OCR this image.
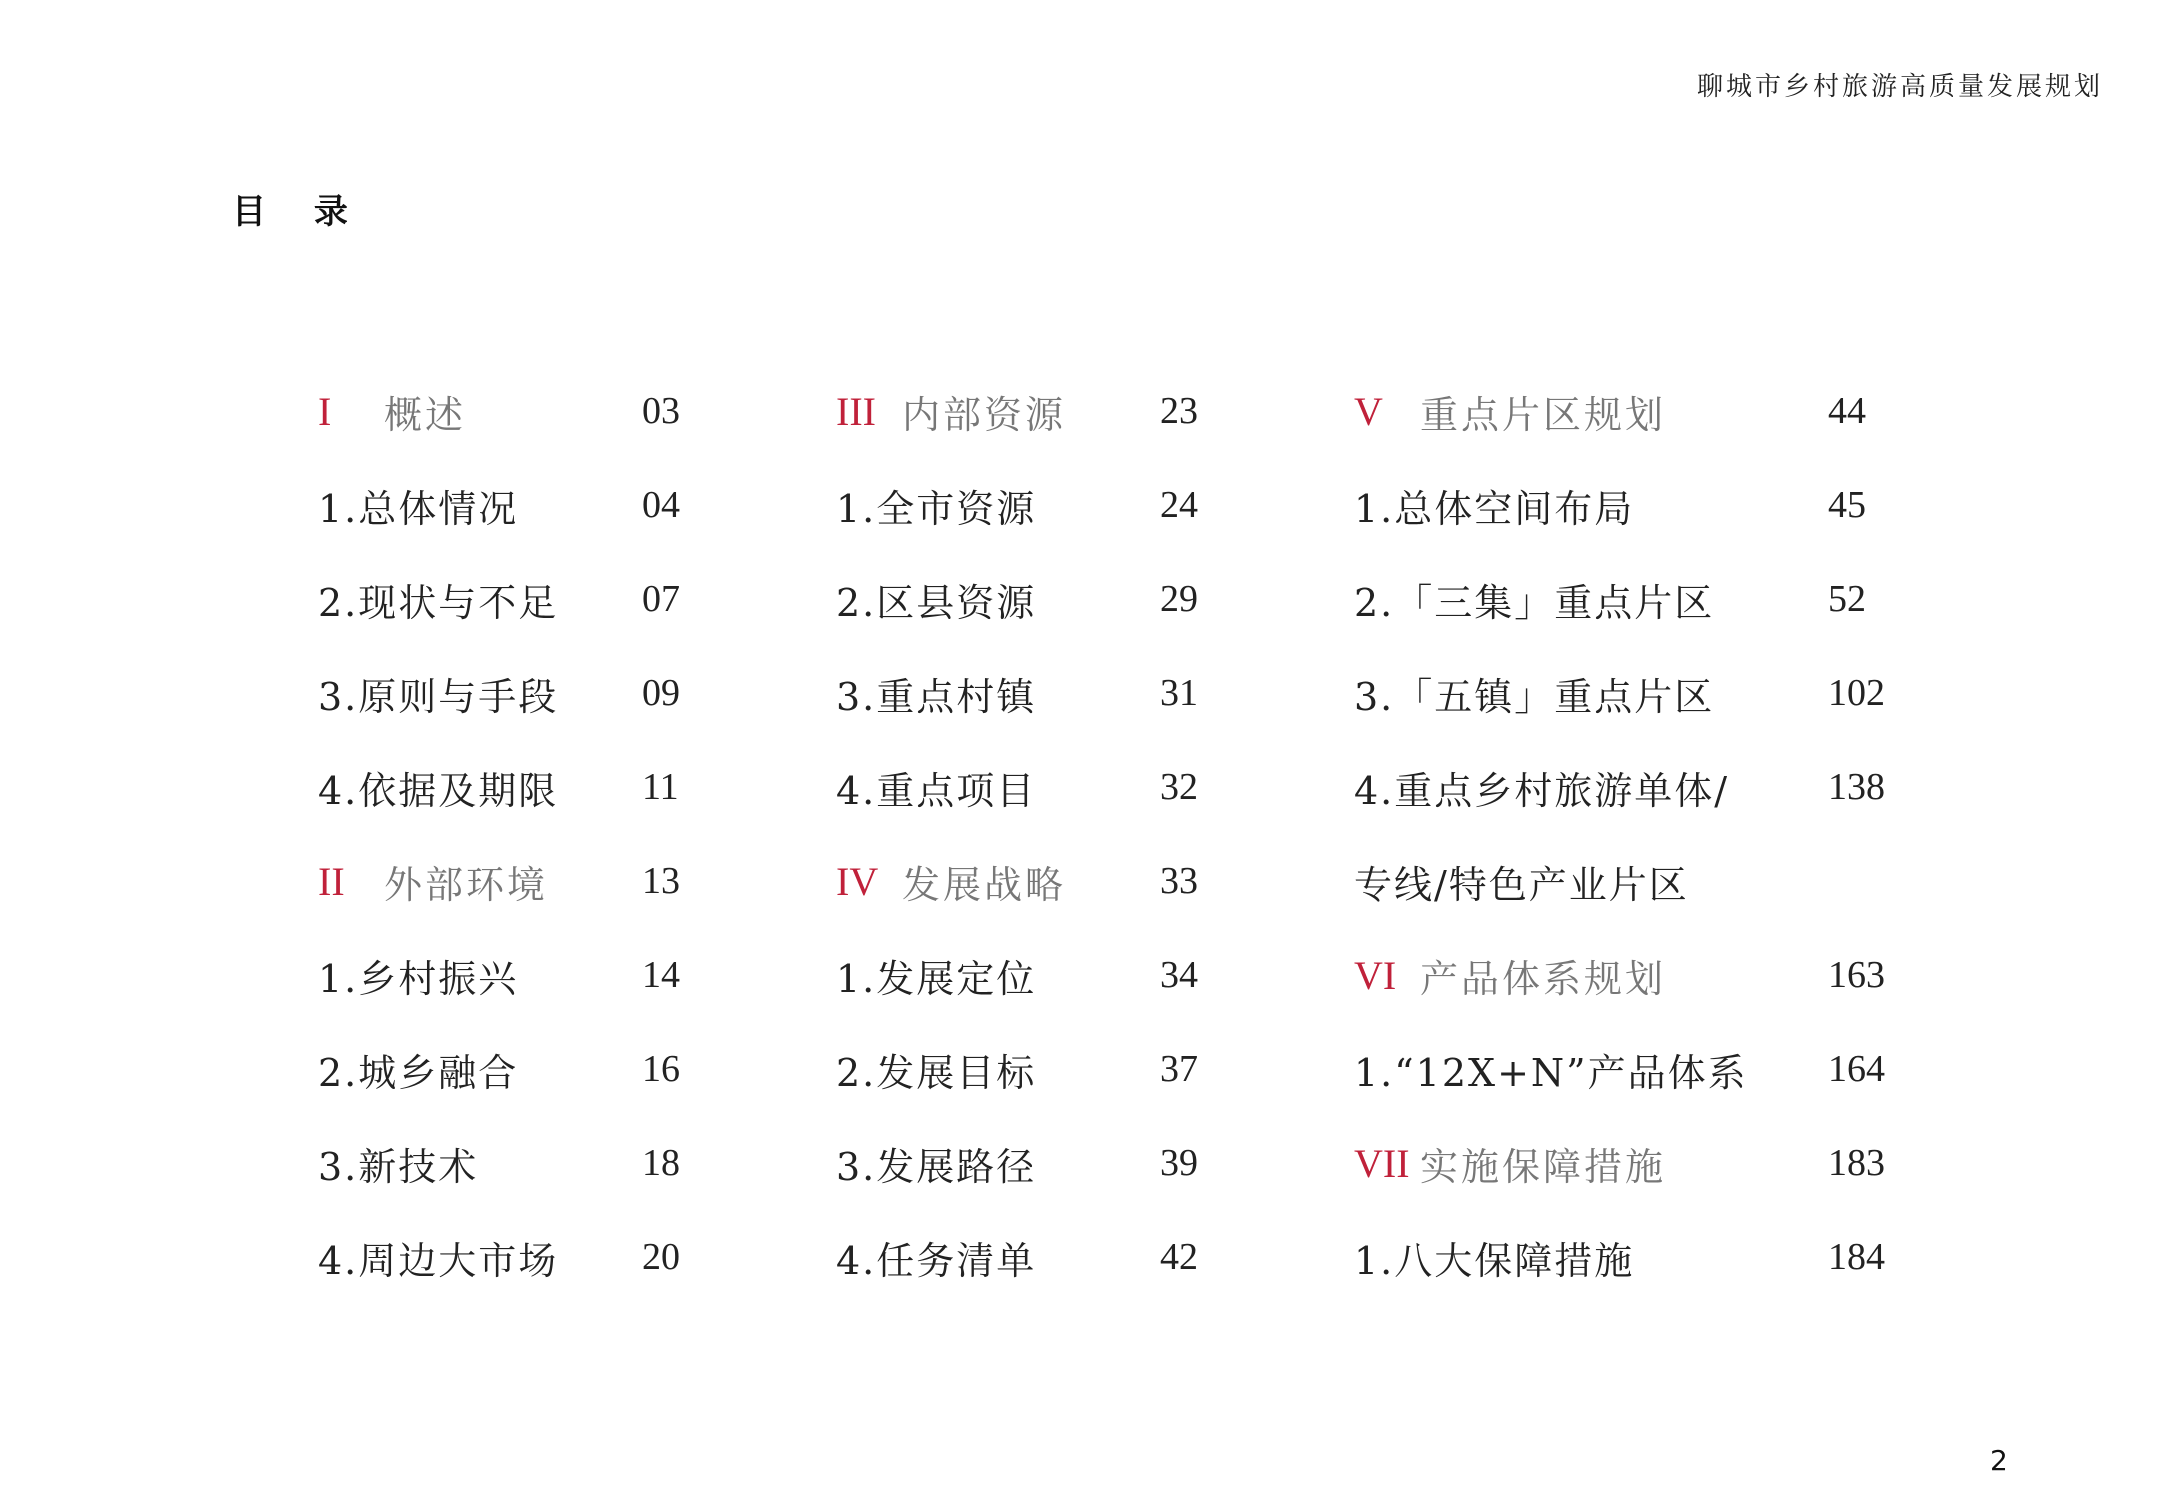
聊城市乡村旅游高质量发展规划
目 录
I	概述	03
1.总体情况	04
2.现状与不足 07
3.原则与手段 09
4.依据及期限 11
II	外部环境 13
1.乡村振兴	14
2.城乡融合	16
3.新技术	18
4.周边大市场 20
III 内部资源 23
1.全市资源	24
2.区县资源	29
3.重点村镇	31
4.重点项目	32
IV 发展战略 33
1.发展定位	34
2.发展目标	37
3.发展路径	39
4.任务清单	42
V 重点片区规划	44
1.总体空间布局	45
2.「三集」重点片区	52
3.「五镇」重点片区	102
4.重点乡村旅游单体/	138
专线/特色产业片区
VI 产品体系规划	163
1.“12X+N”产品体系 164
VII 实施保障措施	183
1.八大保障措施	184
2
